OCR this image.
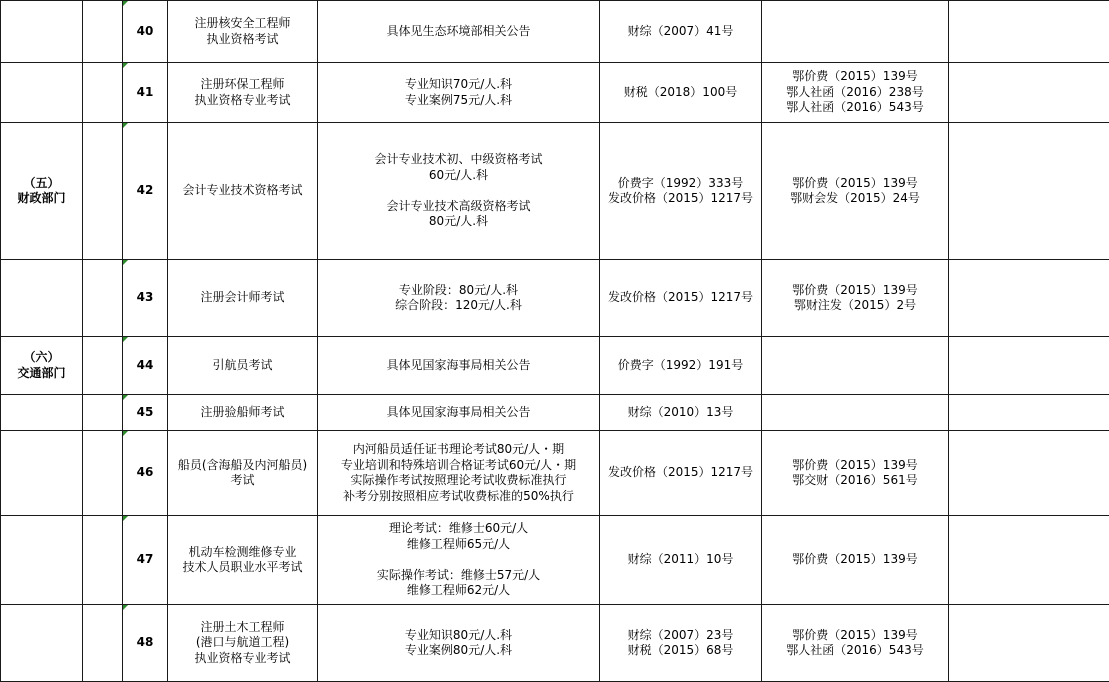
		40	注册核安全工程师
执业资格考试	具体见生态环境部相关公告	财综（2007）41号		

		41	注册环保工程师
执业资格专业考试	专业知识70元/人.科
专业案例75元/人.科	财税（2018）100号	鄂价费（2015）139号
鄂人社函（2016）238号
鄂人社函（2016）543号	

（五）
财政部门		42	会计专业技术资格考试	会计专业技术初、中级资格考试
60元/人.科
会计专业技术高级资格考试
80元/人.科	价费字（1992）333号
发改价格（2015）1217号	鄂价费（2015）139号
鄂财会发（2015）24号	

		43	注册会计师考试	专业阶段：80元/人.科
综合阶段：120元/人.科	发改价格（2015）1217号	鄂价费（2015）139号
鄂财注发（2015）2号	

（六）
交通部门		44	引航员考试	具体见国家海事局相关公告	价费字（1992）191号		

		45	注册验船师考试	具体见国家海事局相关公告	财综（2010）13号		

		46	船员(含海船及内河船员)
考试	内河船员适任证书理论考试80元/人・期
专业培训和特殊培训合格证考试60元/人・期
实际操作考试按照理论考试收费标准执行
补考分别按照相应考试收费标准的50%执行	发改价格（2015）1217号	鄂价费（2015）139号
鄂交财（2016）561号	

		47	机动车检测维修专业
技术人员职业水平考试	理论考试：维修士60元/人
维修工程师65元/人
实际操作考试：维修士57元/人
维修工程师62元/人	财综（2011）10号	鄂价费（2015）139号	

		48	注册土木工程师
(港口与航道工程)
执业资格专业考试	专业知识80元/人.科
专业案例80元/人.科	财综（2007）23号
财税（2015）68号	鄂价费（2015）139号
鄂人社函（2016）543号	
